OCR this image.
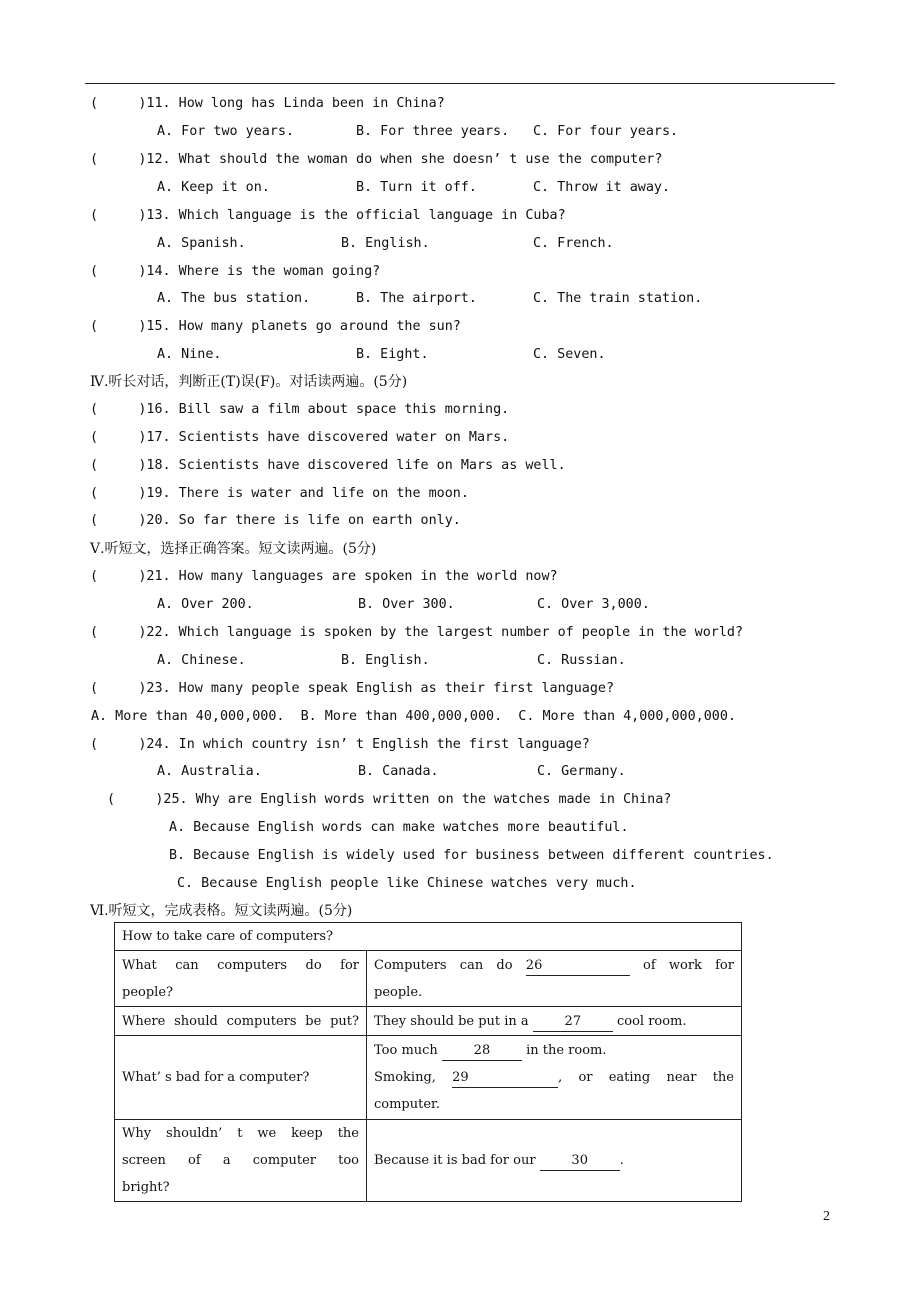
(     )11. How long has Linda been in China?
A. For two years.	B. For three years. C. For four years.
(     )12. What should the woman do when she doesn’ t use the computer?
A. Keep it on.	B. Turn it off.	C. Throw it away.
(     )13. Which language is the official language in Cuba?
A. Spanish.	B. English.	C. French.
(     )14. Where is the woman going?
A. The bus station.	B. The airport.	C. The train station.
(     )15. How many planets go around the sun?
A. Nine.	B. Eight.	C. Seven.
Ⅳ.听长对话，判断正(T)误(F)。对话读两遍。(5分)
(     )16. Bill saw a film about space this morning.
(     )17. Scientists have discovered water on Mars.
(     )18. Scientists have discovered life on Mars as well.
(     )19. There is water and life on the moon.
(     )20. So far there is life on earth only.
Ⅴ.听短文，选择正确答案。短文读两遍。(5分)
(     )21. How many languages are spoken in the world now?
A. Over 200.	B. Over 300.	C. Over 3,000.
(     )22. Which language is spoken by the largest number of people in the world?
A. Chinese.	B. English.	C. Russian.
(     )23. How many people speak English as their first language?
A. More than 40,000,000.  B. More than 400,000,000.  C. More than 4,000,000,000.
(     )24. In which country isn’ t English the first language?
A. Australia.	B. Canada.	C. Germany.
(     )25. Why are English words written on the watches made in China?
A. Because English words can make watches more beautiful.
B. Because English is widely used for business between different countries.
C. Because English people like Chinese watches very much.
Ⅵ.听短文，完成表格。短文读两遍。(5分)
How to take care of computers?	

What can computers do for
people?	Computers can do 26 of work for
people.

Where should computers be put?	They should be put in a 27 cool room.
What’ s bad for a computer?	Too much 28 in the room.
Smoking, 29 , or eating near the
computer.

Why shouldn’ t we keep the
screen of a computer too
bright?	Because it is bad for our 30 .
2
